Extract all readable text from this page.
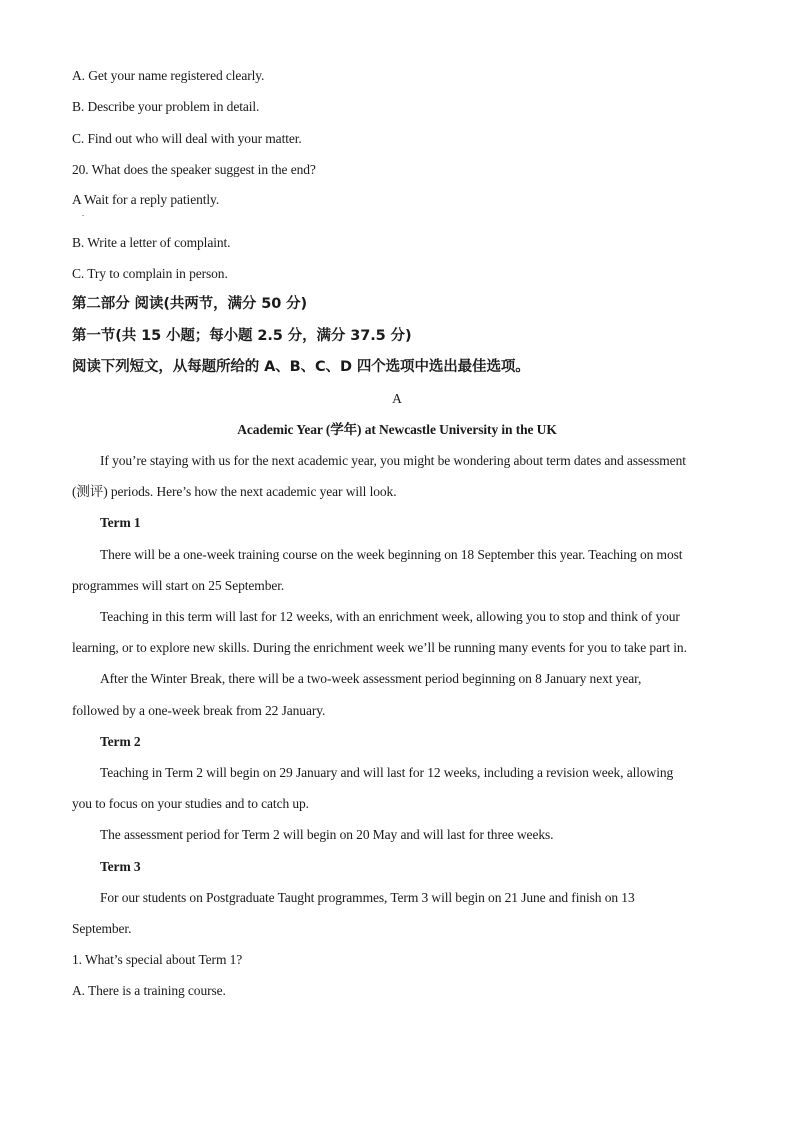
A. Get your name registered clearly.
B. Describe your problem in detail.
C. Find out who will deal with your matter.
20. What does the speaker suggest in the end?
A Wait for a reply patiently.
.
B. Write a letter of complaint.
C. Try to complain in person.
第二部分 阅读(共两节，满分 50 分)
第一节(共 15 小题；每小题 2.5 分，满分 37.5 分)
阅读下列短文，从每题所给的 A、B、C、D 四个选项中选出最佳选项。
A
Academic Year (学年) at Newcastle University in the UK
If you’re staying with us for the next academic year, you might be wondering about term dates and assessment
(测评) periods. Here’s how the next academic year will look.
Term 1
There will be a one-week training course on the week beginning on 18 September this year. Teaching on most
programmes will start on 25 September.
Teaching in this term will last for 12 weeks, with an enrichment week, allowing you to stop and think of your
learning, or to explore new skills. During the enrichment week we’ll be running many events for you to take part in.
After the Winter Break, there will be a two-week assessment period beginning on 8 January next year,
followed by a one-week break from 22 January.
Term 2
Teaching in Term 2 will begin on 29 January and will last for 12 weeks, including a revision week, allowing
you to focus on your studies and to catch up.
The assessment period for Term 2 will begin on 20 May and will last for three weeks.
Term 3
For our students on Postgraduate Taught programmes, Term 3 will begin on 21 June and finish on 13
September.
1. What’s special about Term 1?
A. There is a training course.
